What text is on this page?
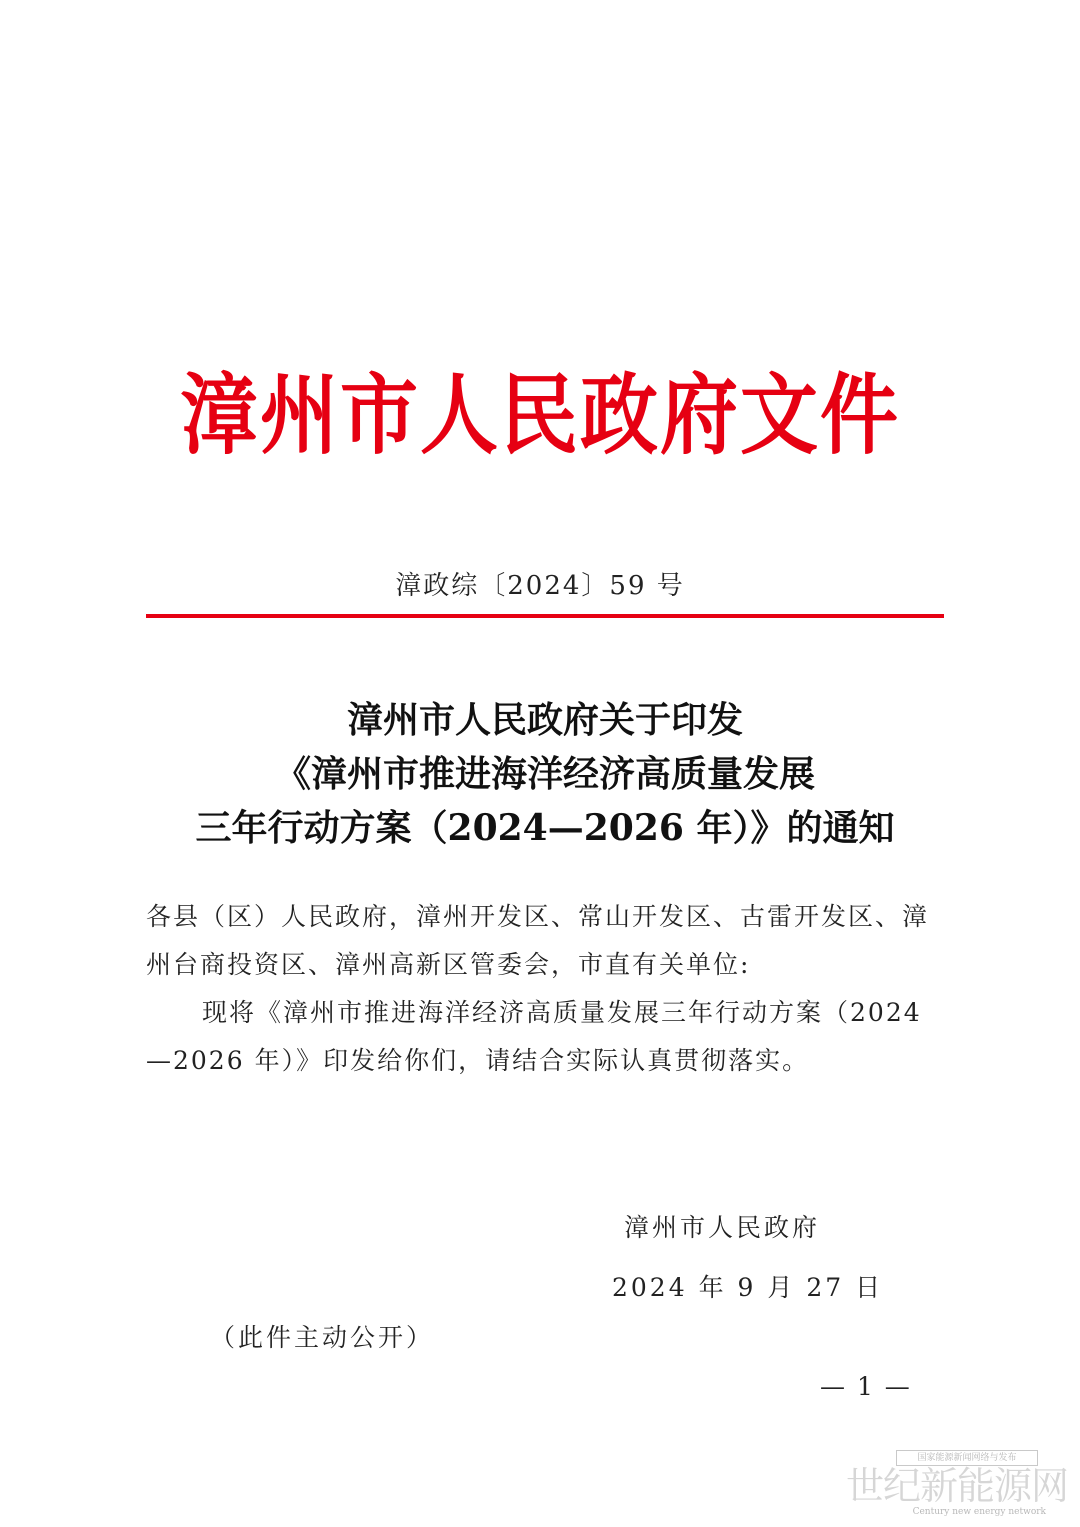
漳州市人民政府文件
漳政综〔2024〕59 号
漳州市人民政府关于印发
《漳州市推进海洋经济高质量发展
三年行动方案（2024—2026 年）》的通知

各县（区）人民政府，漳州开发区、常山开发区、古雷开发区、漳州台商投资区、漳州高新区管委会，市直有关单位:

现将《漳州市推进海洋经济高质量发展三年行动方案（2024—2026 年）》印发给你们，请结合实际认真贯彻落实。

漳州市人民政府
2024 年 9 月 27 日
（此件主动公开）
— 1 —
国家能源新闻网络与发布
世纪新能源网
Century new energy network
